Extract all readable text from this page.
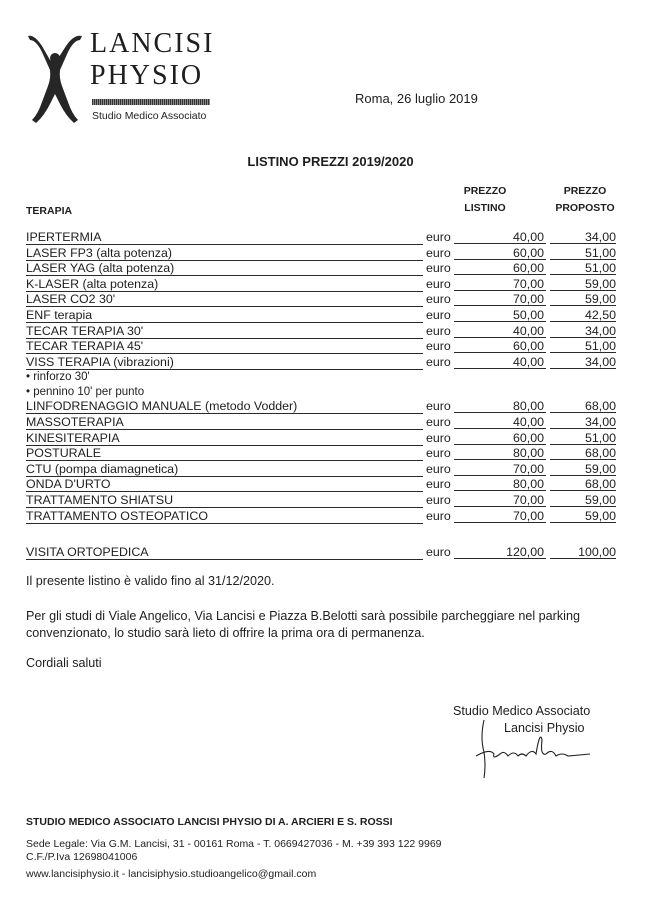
LANCISI
PHYSIO
Studio Medico Associato
Roma, 26 luglio 2019
LISTINO PREZZI 2019/2020
TERAPIA
PREZZO
LISTINO
PREZZO
PROPOSTO
IPERTERMIA	euro	40,00	34,00
LASER FP3 (alta potenza)	euro	60,00	51,00
LASER YAG (alta potenza)	euro	60,00	51,00
K-LASER (alta potenza)	euro	70,00	59,00
LASER CO2 30'	euro	70,00	59,00
ENF terapia	euro	50,00	42,50
TECAR TERAPIA 30'	euro	40,00	34,00
TECAR TERAPIA 45'	euro	60,00	51,00
VISS TERAPIA (vibrazioni)	euro	40,00	34,00
• rinforzo 30'
• pennino 10' per punto
LINFODRENAGGIO MANUALE (metodo Vodder)	euro	80,00	68,00
MASSOTERAPIA	euro	40,00	34,00
KINESITERAPIA	euro	60,00	51,00
POSTURALE	euro	80,00	68,00
CTU (pompa diamagnetica)	euro	70,00	59,00
ONDA D'URTO	euro	80,00	68,00
TRATTAMENTO SHIATSU	euro	70,00	59,00
TRATTAMENTO OSTEOPATICO	euro	70,00	59,00
VISITA ORTOPEDICA	euro	120,00	100,00
Il presente listino è valido fino al 31/12/2020.
Per gli studi di Viale Angelico, Via Lancisi e Piazza B.Belotti sarà possibile parcheggiare nel parking convenzionato, lo studio sarà lieto di offrire la prima ora di permanenza.
Cordiali saluti
Studio Medico Associato
Lancisi Physio
STUDIO MEDICO ASSOCIATO LANCISI PHYSIO DI A. ARCIERI E S. ROSSI
Sede Legale: Via G.M. Lancisi, 31 - 00161 Roma - T. 0669427036 - M. +39 393 122 9969
C.F./P.Iva 12698041006
www.lancisiphysio.it - lancisiphysio.studioangelico@gmail.com
